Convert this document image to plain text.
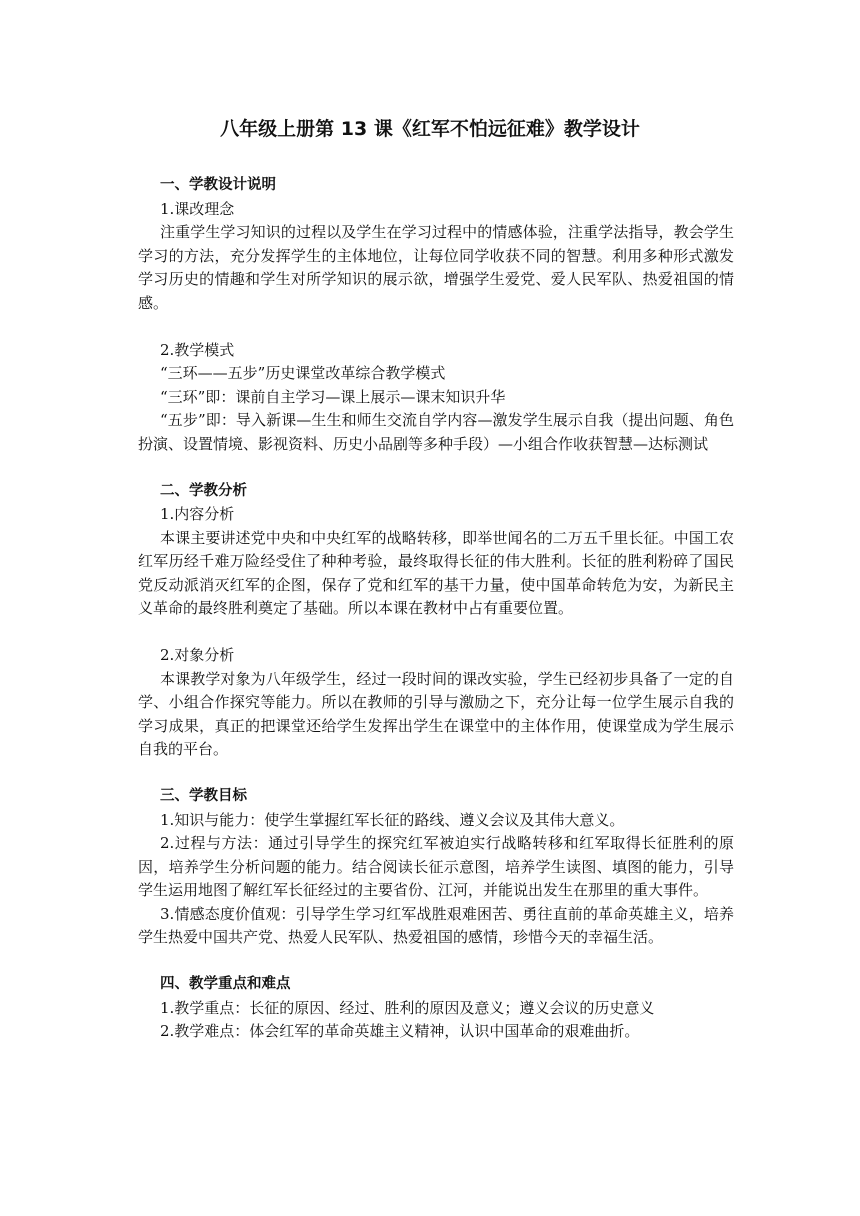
八年级上册第 13 课《红军不怕远征难》教学设计
一、学教设计说明

1.课改理念

注重学生学习知识的过程以及学生在学习过程中的情感体验，注重学法指导，教会学生学习的方法，充分发挥学生的主体地位，让每位同学收获不同的智慧。利用多种形式激发学习历史的情趣和学生对所学知识的展示欲，增强学生爱党、爱人民军队、热爱祖国的情感。

2.教学模式

“三环——五步”历史课堂改革综合教学模式

“三环”即：课前自主学习—课上展示—课末知识升华

“五步”即：导入新课—生生和师生交流自学内容—激发学生展示自我（提出问题、角色扮演、设置情境、影视资料、历史小品剧等多种手段）—小组合作收获智慧—达标测试

二、学教分析

1.内容分析

本课主要讲述党中央和中央红军的战略转移，即举世闻名的二万五千里长征。中国工农红军历经千难万险经受住了种种考验，最终取得长征的伟大胜利。长征的胜利粉碎了国民党反动派消灭红军的企图，保存了党和红军的基干力量，使中国革命转危为安，为新民主义革命的最终胜利奠定了基础。所以本课在教材中占有重要位置。

2.对象分析

本课教学对象为八年级学生，经过一段时间的课改实验，学生已经初步具备了一定的自学、小组合作探究等能力。所以在教师的引导与激励之下，充分让每一位学生展示自我的学习成果，真正的把课堂还给学生发挥出学生在课堂中的主体作用，使课堂成为学生展示自我的平台。

三、学教目标

1.知识与能力：使学生掌握红军长征的路线、遵义会议及其伟大意义。

2.过程与方法：通过引导学生的探究红军被迫实行战略转移和红军取得长征胜利的原因，培养学生分析问题的能力。结合阅读长征示意图，培养学生读图、填图的能力，引导学生运用地图了解红军长征经过的主要省份、江河，并能说出发生在那里的重大事件。

3.情感态度价值观：引导学生学习红军战胜艰难困苦、勇往直前的革命英雄主义，培养学生热爱中国共产党、热爱人民军队、热爱祖国的感情，珍惜今天的幸福生活。

四、教学重点和难点

1.教学重点：长征的原因、经过、胜利的原因及意义；遵义会议的历史意义

2.教学难点：体会红军的革命英雄主义精神，认识中国革命的艰难曲折。
